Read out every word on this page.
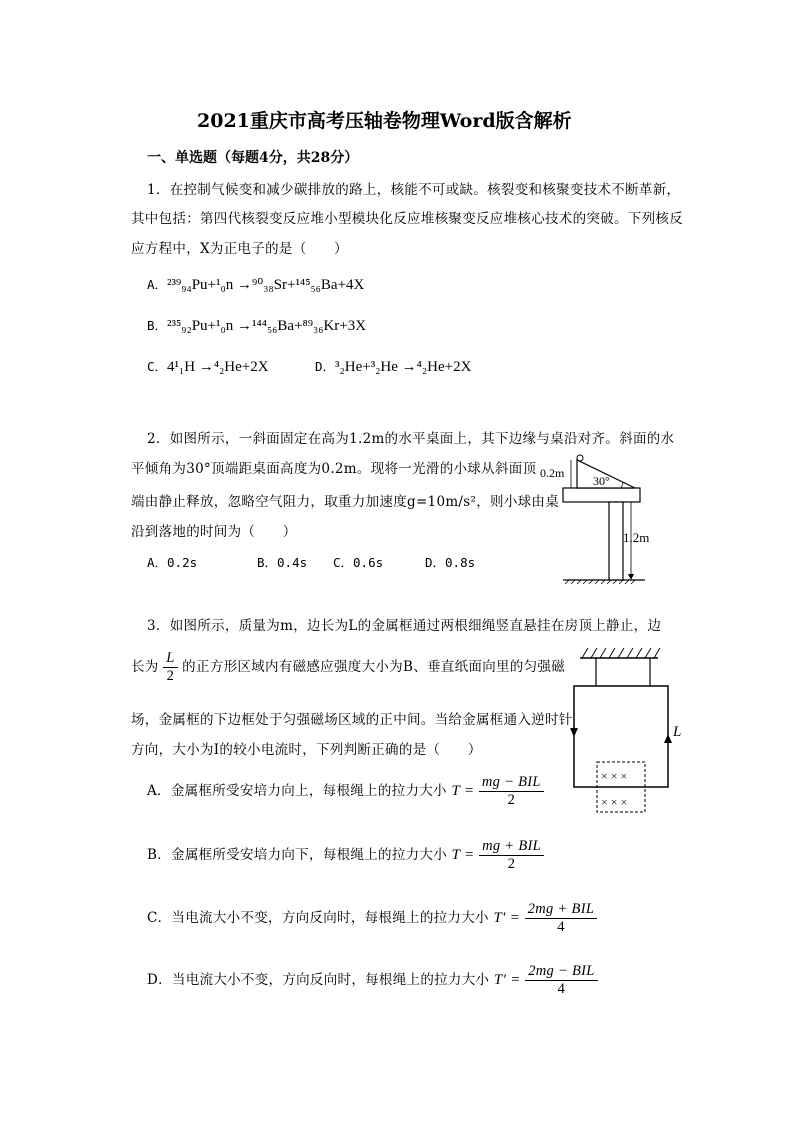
2021重庆市高考压轴卷物理Word版含解析
一、单选题（每题4分，共28分）
1．在控制气候变和减少碳排放的路上，核能不可或缺。核裂变和核聚变技术不断革新，
其中包括：第四代核裂变反应堆小型模块化反应堆核聚变反应堆核心技术的突破。下列核反
应方程中，X为正电子的是（　　）
A．²³⁹₉₄Pu+¹₀n →⁹⁰₃₈Sr+¹⁴⁵₅₆Ba+4X
B．²³⁵₉₂Pu+¹₀n →¹⁴⁴₅₆Ba+⁸⁹₃₆Kr+3X
C．4¹₁H →⁴₂He+2X	D．³₂He+³₂He →⁴₂He+2X
2．如图所示，一斜面固定在高为1.2m的水平桌面上，其下边缘与桌沿对齐。斜面的水
平倾角为30°顶端距桌面高度为0.2m。现将一光滑的小球从斜面顶
端由静止释放，忽略空气阻力，取重力加速度g=10m/s²，则小球由桌
沿到落地的时间为（　　）
A．0.2s	B．0.4s C．0.6s	D．0.8s
0.2m
30°
1.2m
3．如图所示，质量为m，边长为L的金属框通过两根细绳竖直悬挂在房顶上静止，边
长为 $\frac{L}{2}$ 的正方形区域内有磁感应强度大小为B、垂直纸面向里的匀强磁
场，金属框的下边框处于匀强磁场区域的正中间。当给金属框通入逆时针
方向，大小为I的较小电流时，下列判断正确的是（　　）
A．金属框所受安培力向上，每根绳上的拉力大小 $T = \frac{\text{mg − BIL}}{2}$
B．金属框所受安培力向下，每根绳上的拉力大小 $T = \frac{\text{mg + BIL}}{2}$
C．当电流大小不变，方向反向时，每根绳上的拉力大小 $T' = \frac{\text{2mg + BIL}}{4}$
D．当电流大小不变，方向反向时，每根绳上的拉力大小 $T' = \frac{\text{2mg − BIL}}{4}$
L
× × ×
× × ×
